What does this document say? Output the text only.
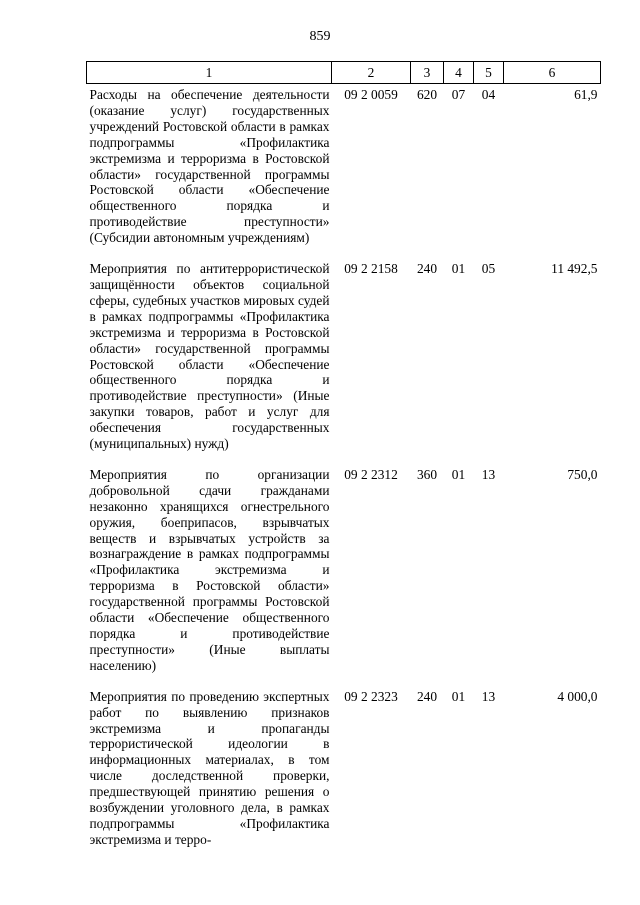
859
1	2	3	4	5	6
Расходы на обеспечение деятельности (оказание услуг) государственных учреждений Ростовской области в рамках подпрограммы «Профилактика экстремизма и терроризма в Ростовской области» государственной программы Ростовской области «Обеспечение общественного порядка и противодействие преступности» (Субсидии автономным учреждениям)	09 2 0059	620	07	04	61,9
Мероприятия по антитеррористической защищённости объектов социальной сферы, судебных участков мировых судей в рамках подпрограммы «Профилактика экстремизма и терроризма в Ростовской области» государственной программы Ростовской области «Обеспечение общественного порядка и противодействие преступности» (Иные закупки товаров, работ и услуг для обеспечения государственных (муниципальных) нужд)	09 2 2158	240	01	05	11 492,5
Мероприятия по организации добровольной сдачи гражданами незаконно хранящихся огнестрельного оружия, боеприпасов, взрывчатых веществ и взрывчатых устройств за вознаграждение в рамках подпрограммы «Профилактика экстремизма и терроризма в Ростовской области» государственной программы Ростовской области «Обеспечение общественного порядка и противодействие преступности» (Иные выплаты населению)	09 2 2312	360	01	13	750,0
Мероприятия по проведению экспертных работ по выявлению признаков экстремизма и пропаганды террористической идеологии в информационных материалах, в том числе доследственной проверки, предшествующей принятию решения о возбуждении уголовного дела, в рамках подпрограммы «Профилактика экстремизма и терро-	09 2 2323	240	01	13	4 000,0
